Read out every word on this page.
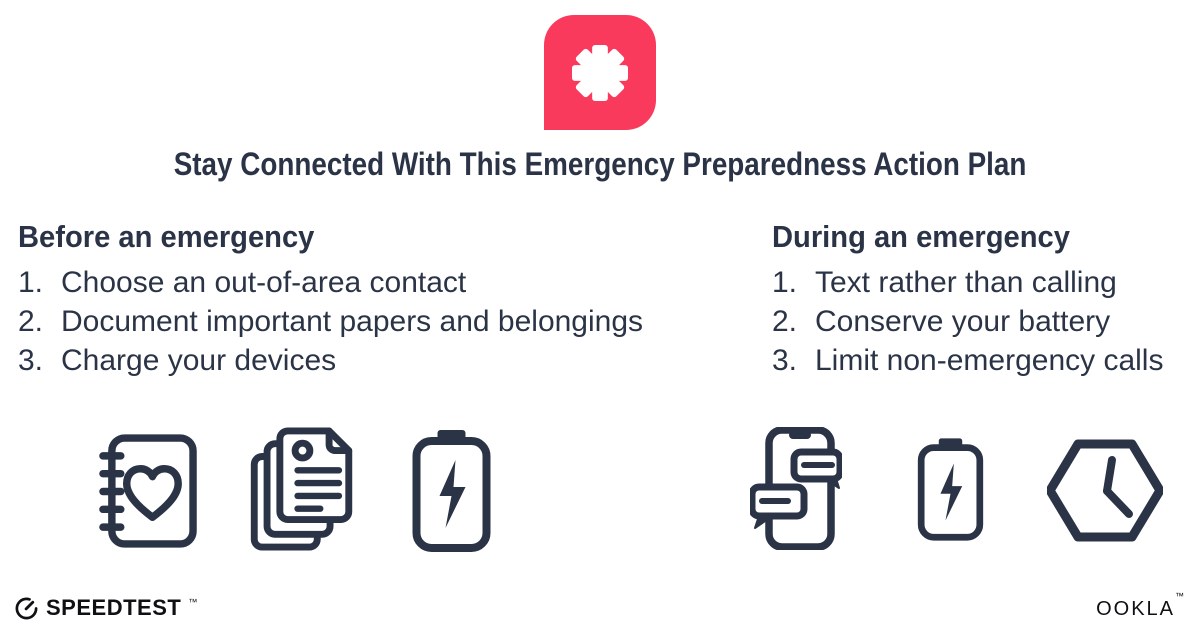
Stay Connected With This Emergency Preparedness Action Plan
Before an emergency
1. Choose an out-of-area contact
2. Document important papers and belongings
3. Charge your devices
During an emergency
1. Text rather than calling
2. Conserve your battery
3. Limit non-emergency calls
SPEEDTEST ™	OOKLA™
